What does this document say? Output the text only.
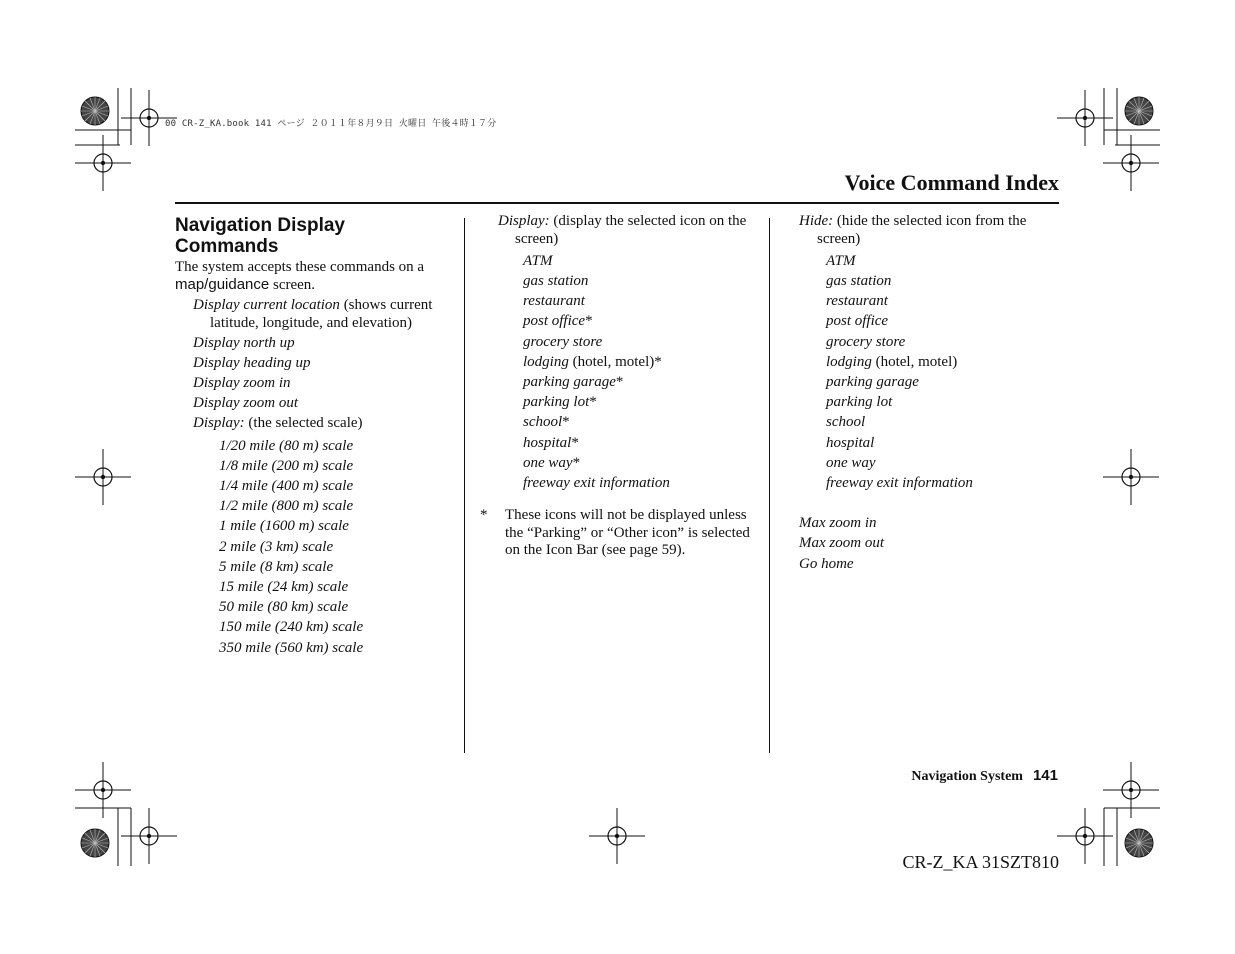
00 CR-Z_KA.book 141 ページ ２０１１年８月９日 火曜日 午後４時１７分
Voice Command Index
Navigation Display Commands
The system accepts these commands on a map/guidance screen.
Display current location (shows current latitude, longitude, and elevation)
Display north up
Display heading up
Display zoom in
Display zoom out
Display: (the selected scale)
1/20 mile (80 m) scale
1/8 mile (200 m) scale
1/4 mile (400 m) scale
1/2 mile (800 m) scale
1 mile (1600 m) scale
2 mile (3 km) scale
5 mile (8 km) scale
15 mile (24 km) scale
50 mile (80 km) scale
150 mile (240 km) scale
350 mile (560 km) scale
Display: (display the selected icon on the screen)
ATM
gas station
restaurant
post office*
grocery store
lodging (hotel, motel)*
parking garage*
parking lot*
school*
hospital*
one way*
freeway exit information
*	These icons will not be displayed unless the “Parking” or “Other icon” is selected on the Icon Bar (see page 59).
Hide: (hide the selected icon from the screen)
ATM
gas station
restaurant
post office
grocery store
lodging (hotel, motel)
parking garage
parking lot
school
hospital
one way
freeway exit information
Max zoom in
Max zoom out
Go home
Navigation System 141
CR-Z_KA 31SZT810
